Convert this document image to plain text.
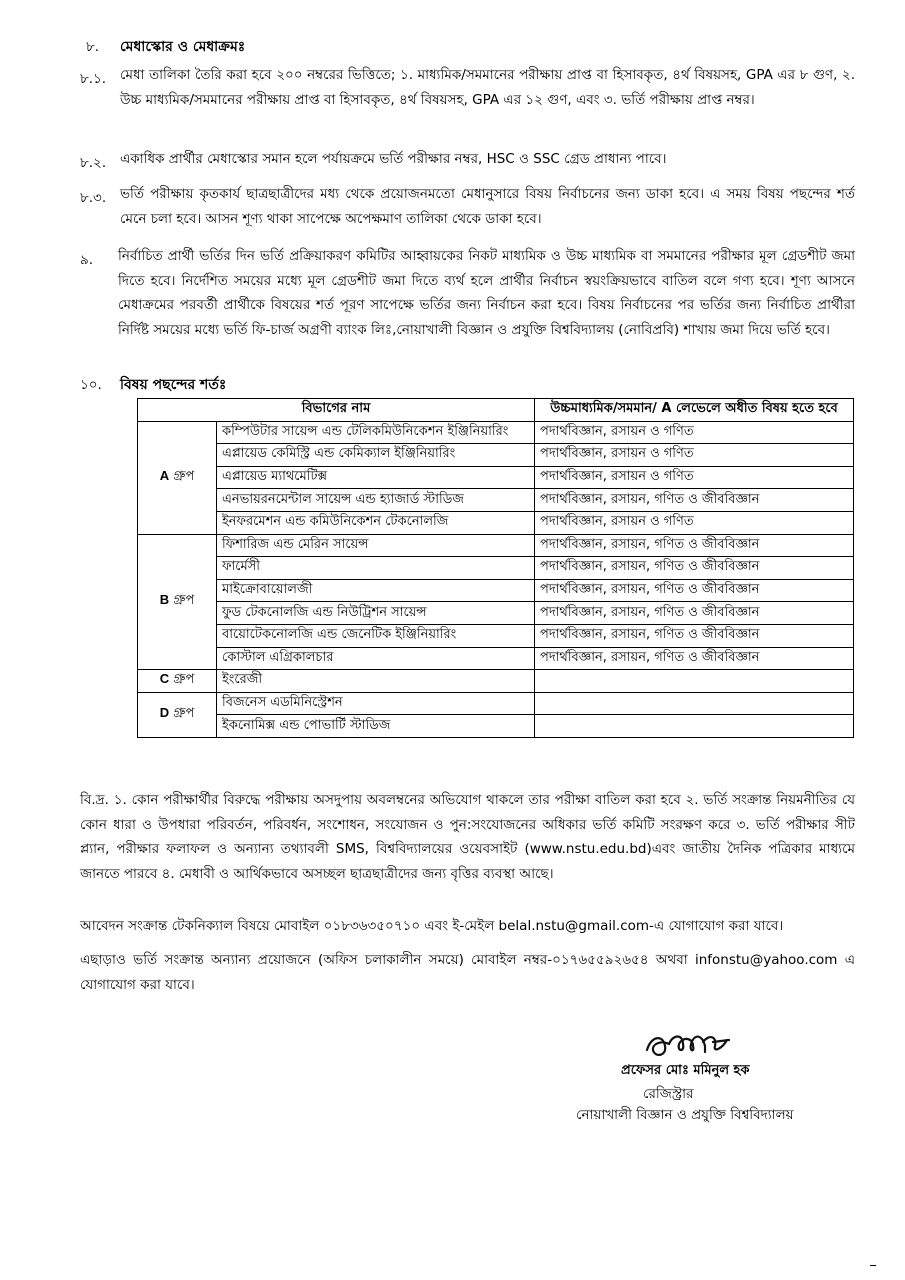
৮. মেধাস্কোর ও মেধাক্রমঃ
৮.১. মেধা তালিকা তৈরি করা হবে ২০০ নম্বরের ভিত্তিতে; ১. মাধ্যমিক/সমমানের পরীক্ষায় প্রাপ্ত বা হিসাবকৃত, ৪র্থ বিষয়সহ, GPA এর ৮ গুণ, ২. উচ্চ মাধ্যমিক/সমমানের পরীক্ষায় প্রাপ্ত বা হিসাবকৃত, ৪র্থ বিষয়সহ, GPA এর ১২ গুণ, এবং ৩. ভর্তি পরীক্ষায় প্রাপ্ত নম্বর।
৮.২. একাধিক প্রার্থীর মেধাস্কোর সমান হলে পর্যায়ক্রমে ভর্তি পরীক্ষার নম্বর, HSC ও SSC গ্রেড প্রাধান্য পাবে।
৮.৩. ভর্তি পরীক্ষায় কৃতকার্য ছাত্রছাত্রীদের মধ্য থেকে প্রয়োজনমতো মেধানুসারে বিষয় নির্বাচনের জন্য ডাকা হবে। এ সময় বিষয় পছন্দের শর্ত মেনে চলা হবে। আসন শূণ্য থাকা সাপেক্ষে অপেক্ষমাণ তালিকা থেকে ডাকা হবে।
৯. নির্বাচিত প্রার্থী ভর্তির দিন ভর্তি প্রক্রিয়াকরণ কমিটির আহ্বায়কের নিকট মাধ্যমিক ও উচ্চ মাধ্যমিক বা সমমানের পরীক্ষার মূল গ্রেডশীট জমা দিতে হবে। নির্দেশিত সময়ের মধ্যে মূল গ্রেডশীট জমা দিতে ব্যর্থ হলে প্রার্থীর নির্বাচন স্বয়ংক্রিয়ভাবে বাতিল বলে গণ্য হবে। শূণ্য আসনে মেধাক্রমের পরবর্তী প্রার্থীকে বিষয়ের শর্ত পূরণ সাপেক্ষে ভর্তির জন্য নির্বাচন করা হবে। বিষয় নির্বাচনের পর ভর্তির জন্য নির্বাচিত প্রার্থীরা নির্দিষ্ট সময়ের মধ্যে ভর্তি ফি-চার্জ অগ্রণী ব্যাংক লিঃ,নোয়াখালী বিজ্ঞান ও প্রযুক্তি বিশ্ববিদ্যালয় (নোবিপ্রবি) শাখায় জমা দিয়ে ভর্তি হবে।
১০. বিষয় পছন্দের শর্তঃ
বিভাগের নাম		উচ্চমাধ্যমিক/সমমান/ A লেভেলে অধীত বিষয় হতে হবে
A গ্রুপ	কম্পিউটার সায়েন্স এন্ড টেলিকমিউনিকেশন ইঞ্জিনিয়ারিং	পদার্থবিজ্ঞান, রসায়ন ও গণিত
	এপ্লায়েড কেমিস্ট্রি এন্ড কেমিক্যাল ইঞ্জিনিয়ারিং	পদার্থবিজ্ঞান, রসায়ন ও গণিত
	এপ্লায়েড ম্যাথমেটিক্স	পদার্থবিজ্ঞান, রসায়ন ও গণিত
	এনভায়রনমেন্টাল সায়েন্স এন্ড হ্যাজার্ড স্টাডিজ	পদার্থবিজ্ঞান, রসায়ন, গণিত ও জীববিজ্ঞান
	ইনফরমেশন এন্ড কমিউনিকেশন টেকনোলজি	পদার্থবিজ্ঞান, রসায়ন ও গণিত
B গ্রুপ	ফিশারিজ এন্ড মেরিন সায়েন্স	পদার্থবিজ্ঞান, রসায়ন, গণিত ও জীববিজ্ঞান
	ফার্মেসী	পদার্থবিজ্ঞান, রসায়ন, গণিত ও জীববিজ্ঞান
	মাইক্রোবায়োলজী	পদার্থবিজ্ঞান, রসায়ন, গণিত ও জীববিজ্ঞান
	ফুড টেকনোলজি এন্ড নিউট্রিশন সায়েন্স	পদার্থবিজ্ঞান, রসায়ন, গণিত ও জীববিজ্ঞান
	বায়োটেকনোলজি এন্ড জেনেটিক ইঞ্জিনিয়ারিং	পদার্থবিজ্ঞান, রসায়ন, গণিত ও জীববিজ্ঞান
	কোস্টাল এগ্রিকালচার	পদার্থবিজ্ঞান, রসায়ন, গণিত ও জীববিজ্ঞান
C গ্রুপ	ইংরেজী	
D গ্রুপ	বিজনেস এডমিনিস্ট্রেশন	
	ইকনোমিক্স এন্ড পোভার্টি স্টাডিজ	
বি.দ্র. ১. কোন পরীক্ষার্থীর বিরুদ্ধে পরীক্ষায় অসদুপায় অবলম্বনের অভিযোগ থাকলে তার পরীক্ষা বাতিল করা হবে ২. ভর্তি সংক্রান্ত নিয়মনীতির যে কোন ধারা ও উপধারা পরিবর্তন, পরিবর্ধন, সংশোধন, সংযোজন ও পুন:সংযোজনের অধিকার ভর্তি কমিটি সংরক্ষণ করে ৩. ভর্তি পরীক্ষার সীট প্ল্যান, পরীক্ষার ফলাফল ও অন্যান্য তথ্যাবলী SMS, বিশ্ববিদ্যালয়ের ওয়েবসাইট (www.nstu.edu.bd)এবং জাতীয় দৈনিক পত্রিকার মাধ্যমে জানতে পারবে ৪. মেধাবী ও আর্থিকভাবে অসচ্ছল ছাত্রছাত্রীদের জন্য বৃত্তির ব্যবস্থা আছে।
আবেদন সংক্রান্ত টেকনিক্যাল বিষয়ে মোবাইল ০১৮৩৬৩৫০৭১০ এবং ই-মেইল belal.nstu@gmail.com-এ যোগাযোগ করা যাবে।
এছাড়াও ভর্তি সংক্রান্ত অন্যান্য প্রয়োজনে (অফিস চলাকালীন সময়ে) মোবাইল নম্বর-০১৭৬৫৫৯২৬৫৪ অথবা infonstu@yahoo.com এ যোগাযোগ করা যাবে।
প্রফেসর মোঃ মমিনুল হক
রেজিস্ট্রার
নোয়াখালী বিজ্ঞান ও প্রযুক্তি বিশ্ববিদ্যালয়
